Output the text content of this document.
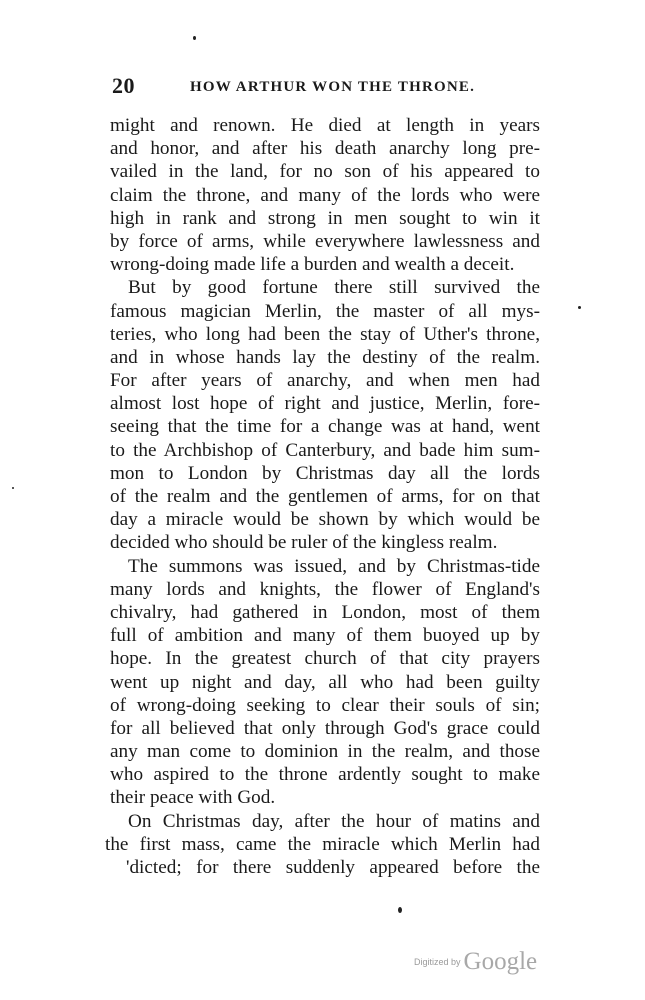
20	HOW ARTHUR WON THE THRONE.
might and renown. He died at length in years
and honor, and after his death anarchy long pre-
vailed in the land, for no son of his appeared to
claim the throne, and many of the lords who were
high in rank and strong in men sought to win it
by force of arms, while everywhere lawlessness and
wrong-doing made life a burden and wealth a deceit.
But by good fortune there still survived the
famous magician Merlin, the master of all mys-
teries, who long had been the stay of Uther's throne,
and in whose hands lay the destiny of the realm.
For after years of anarchy, and when men had
almost lost hope of right and justice, Merlin, fore-
seeing that the time for a change was at hand, went
to the Archbishop of Canterbury, and bade him sum-
mon to London by Christmas day all the lords
of the realm and the gentlemen of arms, for on that
day a miracle would be shown by which would be
decided who should be ruler of the kingless realm.
The summons was issued, and by Christmas-tide
many lords and knights, the flower of England's
chivalry, had gathered in London, most of them
full of ambition and many of them buoyed up by
hope. In the greatest church of that city prayers
went up night and day, all who had been guilty
of wrong-doing seeking to clear their souls of sin;
for all believed that only through God's grace could
any man come to dominion in the realm, and those
who aspired to the throne ardently sought to make
their peace with God.
On Christmas day, after the hour of matins and
the first mass, came the miracle which Merlin had
'dicted; for there suddenly appeared before the
$^{Digitized by}$ Google
